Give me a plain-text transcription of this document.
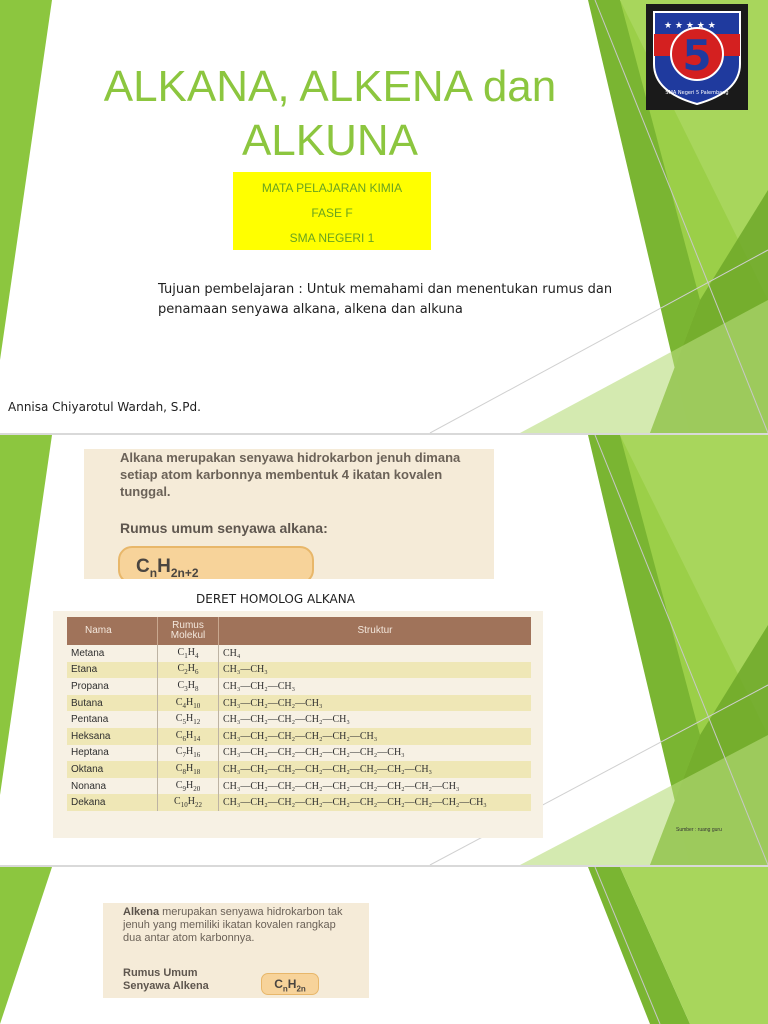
ALKANA, ALKENA dan ALKUNA
MATA PELAJARAN KIMIA
FASE F
SMA NEGERI 1
Tujuan pembelajaran : Untuk memahami dan menentukan rumus dan penamaan senyawa alkana, alkena dan alkuna
Annisa Chiyarotul Wardah, S.Pd.
★ ★ ★ ★ ★
5
SMA Negeri 5 Palembang
Alkana merupakan senyawa hidrokarbon jenuh dimana setiap atom karbonnya membentuk 4 ikatan kovalen tunggal.
Rumus umum senyawa alkana:
$C_nH_{2n+2}$
DERET HOMOLOG ALKANA
Nama	Rumus Molekul	Struktur
Metana	$C_1H_4$	CH₄
Etana	$C_2H_6$	CH₃—CH₃
Propana	$C_3H_8$	CH₃—CH₂—CH₃
Butana	$C_4H_{10}$	CH₃—CH₂—CH₂—CH₃
Pentana	$C_5H_{12}$	CH₃—CH₂—CH₂—CH₂—CH₃
Heksana	$C_6H_{14}$	CH₃—CH₂—CH₂—CH₂—CH₂—CH₃
Heptana	$C_7H_{16}$	CH₃—CH₂—CH₂—CH₂—CH₂—CH₂—CH₃
Oktana	$C_8H_{18}$	CH₃—CH₂—CH₂—CH₂—CH₂—CH₂—CH₂—CH₃
Nonana	$C_9H_{20}$	CH₃—CH₂—CH₂—CH₂—CH₂—CH₂—CH₂—CH₂—CH₃
Dekana	$C_{10}H_{22}$	CH₃—CH₂—CH₂—CH₂—CH₂—CH₂—CH₂—CH₂—CH₂—CH₃
Sumber : ruang guru
Alkena merupakan senyawa hidrokarbon tak jenuh yang memiliki ikatan kovalen rangkap dua antar atom karbonnya.
Rumus Umum Senyawa Alkena	$C_nH_{2n}$
